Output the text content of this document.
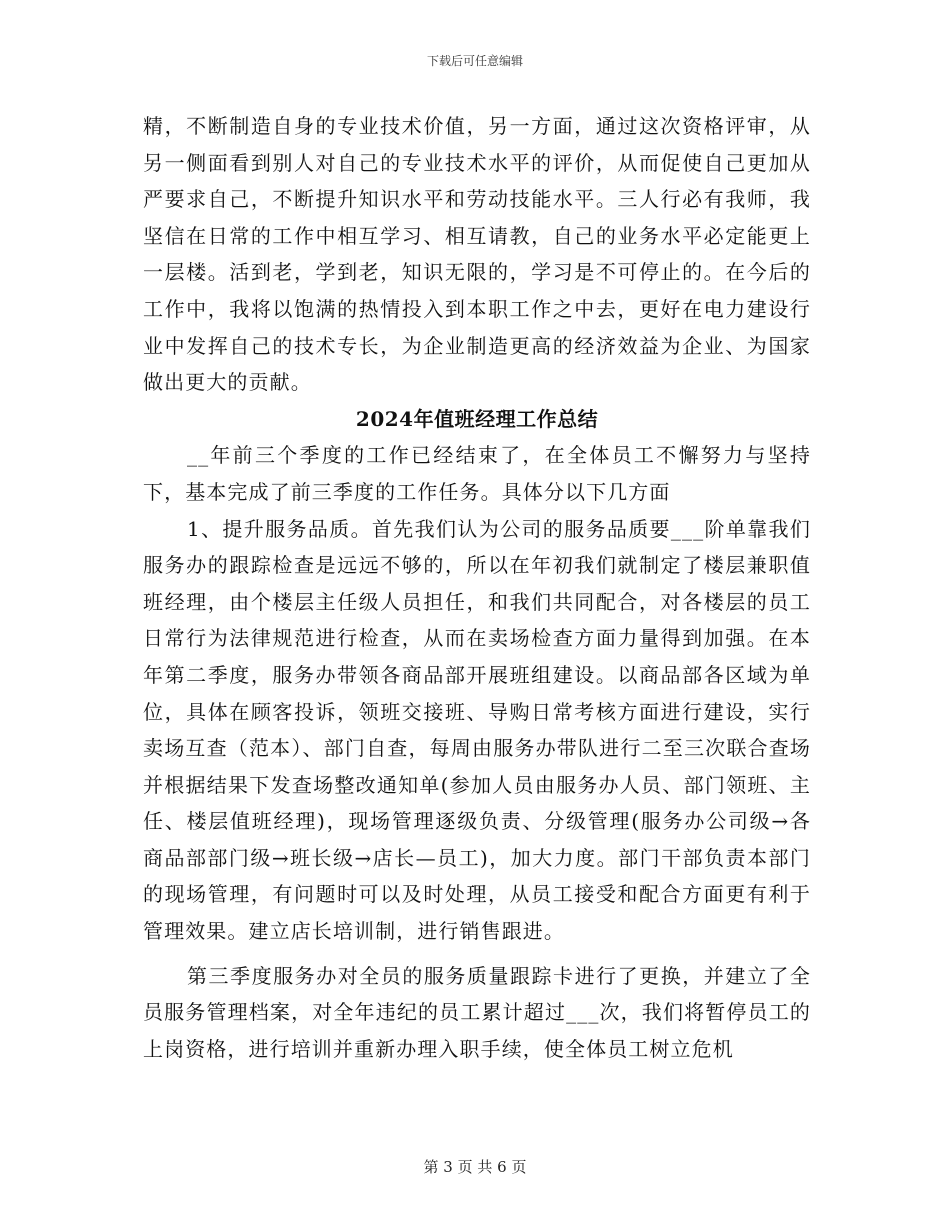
下载后可任意编辑

精，不断制造自身的专业技术价值，另一方面，通过这次资格评审，从另一侧面看到别人对自己的专业技术水平的评价，从而促使自己更加从严要求自己，不断提升知识水平和劳动技能水平。三人行必有我师，我坚信在日常的工作中相互学习、相互请教，自己的业务水平必定能更上一层楼。活到老，学到老，知识无限的，学习是不可停止的。在今后的工作中，我将以饱满的热情投入到本职工作之中去，更好在电力建设行业中发挥自己的技术专长，为企业制造更高的经济效益为企业、为国家做出更大的贡献。

2024年值班经理工作总结

__年前三个季度的工作已经结束了，在全体员工不懈努力与坚持下，基本完成了前三季度的工作任务。具体分以下几方面

1、提升服务品质。首先我们认为公司的服务品质要___阶单靠我们服务办的跟踪检查是远远不够的，所以在年初我们就制定了楼层兼职值班经理，由个楼层主任级人员担任，和我们共同配合，对各楼层的员工日常行为法律规范进行检查，从而在卖场检查方面力量得到加强。在本年第二季度，服务办带领各商品部开展班组建设。以商品部各区域为单位，具体在顾客投诉，领班交接班、导购日常考核方面进行建设，实行卖场互查（范本）、部门自查，每周由服务办带队进行二至三次联合查场并根据结果下发查场整改通知单(参加人员由服务办人员、部门领班、主任、楼层值班经理)，现场管理逐级负责、分级管理(服务办公司级→各商品部部门级→班长级→店长—员工)，加大力度。部门干部负责本部门的现场管理，有问题时可以及时处理，从员工接受和配合方面更有利于管理效果。建立店长培训制，进行销售跟进。

第三季度服务办对全员的服务质量跟踪卡进行了更换，并建立了全员服务管理档案，对全年违纪的员工累计超过___次，我们将暂停员工的上岗资格，进行培训并重新办理入职手续，使全体员工树立危机

第 3 页 共 6 页
